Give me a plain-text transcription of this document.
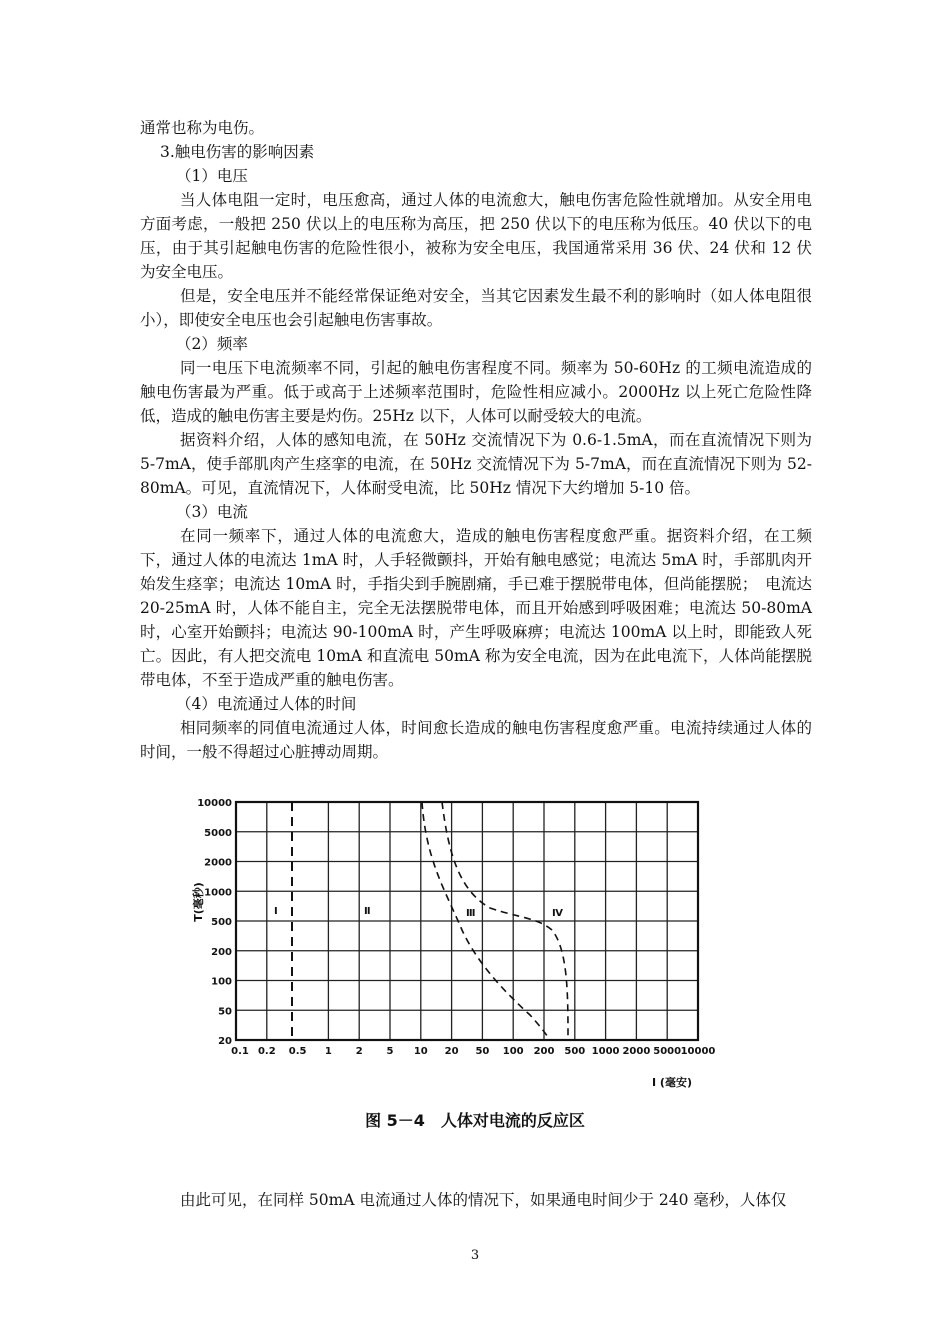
通常也称为电伤。

3.触电伤害的影响因素

（1）电压

当人体电阻一定时，电压愈高，通过人体的电流愈大，触电伤害危险性就增加。从安全用电方面考虑，一般把 250 伏以上的电压称为高压，把 250 伏以下的电压称为低压。40 伏以下的电压，由于其引起触电伤害的危险性很小，被称为安全电压，我国通常采用 36 伏、24 伏和 12 伏为安全电压。

但是，安全电压并不能经常保证绝对安全，当其它因素发生最不利的影响时（如人体电阻很小），即使安全电压也会引起触电伤害事故。

（2）频率

同一电压下电流频率不同，引起的触电伤害程度不同。频率为 50-60Hz 的工频电流造成的触电伤害最为严重。低于或高于上述频率范围时，危险性相应减小。2000Hz 以上死亡危险性降低，造成的触电伤害主要是灼伤。25Hz 以下，人体可以耐受较大的电流。

据资料介绍，人体的感知电流，在 50Hz 交流情况下为 0.6-1.5mA，而在直流情况下则为 5-7mA，使手部肌肉产生痉挛的电流，在 50Hz 交流情况下为 5-7mA，而在直流情况下则为 52-80mA。可见，直流情况下，人体耐受电流，比 50Hz 情况下大约增加 5-10 倍。

（3）电流

在同一频率下，通过人体的电流愈大，造成的触电伤害程度愈严重。据资料介绍，在工频下，通过人体的电流达 1mA 时，人手轻微颤抖，开始有触电感觉；电流达 5mA 时，手部肌肉开始发生痉挛；电流达 10mA 时，手指尖到手腕剧痛，手已难于摆脱带电体，但尚能摆脱；　电流达 20-25mA 时，人体不能自主，完全无法摆脱带电体，而且开始感到呼吸困难；电流达 50-80mA 时，心室开始颤抖；电流达 90-100mA 时，产生呼吸麻痹；电流达 100mA 以上时，即能致人死亡。因此，有人把交流电 10mA 和直流电 50mA 称为安全电流，因为在此电流下，人体尚能摆脱带电体，不至于造成严重的触电伤害。

（4）电流通过人体的时间

相同频率的同值电流通过人体，时间愈长造成的触电伤害程度愈严重。电流持续通过人体的时间，一般不得超过心脏搏动周期。

10000
5000
2000
1000
500
200
100
50
20
0.1 0.2 0.5 1 2 5 10 20 50 100 200 500 1000 2000 5000 10000
Ⅰ	Ⅱ	Ⅲ	Ⅳ
T(毫秒)
I (毫安)
图 5－4　人体对电流的反应区
由此可见，在同样 50mA 电流通过人体的情况下，如果通电时间少于 240 毫秒，人体仅
3
